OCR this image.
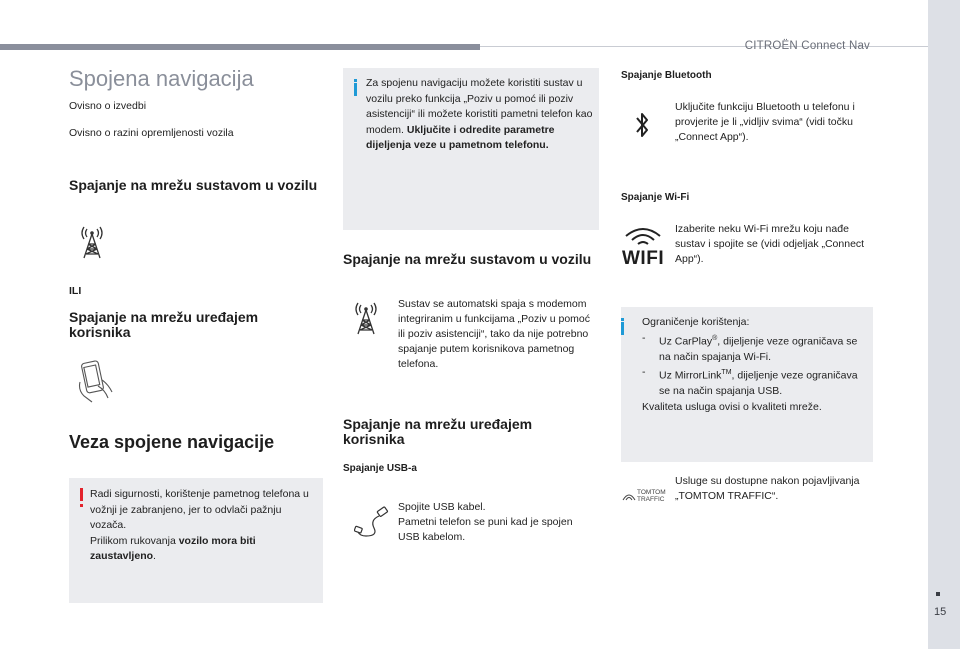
CITROËN Connect Nav
15
Spojena navigacija
Ovisno o izvedbi
Ovisno o razini opremljenosti vozila
Spajanje na mrežu sustavom u vozilu
ILI
Spajanje na mrežu uređajem korisnika
Veza spojene navigacije
Radi sigurnosti, korištenje pametnog telefona u vožnji je zabranjeno, jer to odvlači pažnju vozača.
Prilikom rukovanja vozilo mora biti zaustavljeno.
Za spojenu navigaciju možete koristiti sustav u vozilu preko funkcija „Poziv u pomoć ili poziv asistenciji“ ili možete koristiti pametni telefon kao modem. Uključite i odredite parametre dijeljenja veze u pametnom telefonu.
Spajanje na mrežu sustavom u vozilu
Sustav se automatski spaja s modemom integriranim u funkcijama „Poziv u pomoć ili poziv asistenciji“, tako da nije potrebno spajanje putem korisnikova pametnog telefona.
Spajanje na mrežu uređajem korisnika
Spajanje USB-a
Spojite USB kabel.
Pametni telefon se puni kad je spojen USB kabelom.
Spajanje Bluetooth
Uključite funkciju Bluetooth u telefonu i provjerite je li „vidljiv svima“ (vidi točku „Connect App“).
Spajanje Wi-Fi
WIFI
Izaberite neku Wi-Fi mrežu koju nađe sustav i spojite se (vidi odjeljak „Connect App“).
Ograničenje korištenja:
- Uz CarPlay®, dijeljenje veze ograničava se na način spajanja Wi-Fi.
- Uz MirrorLink™, dijeljenje veze ograničava se na način spajanja USB.
Kvaliteta usluga ovisi o kvaliteti mreže.
TOMTOM
TRAFFIC
Usluge su dostupne nakon pojavljivanja „TOMTOM TRAFFIC“.
